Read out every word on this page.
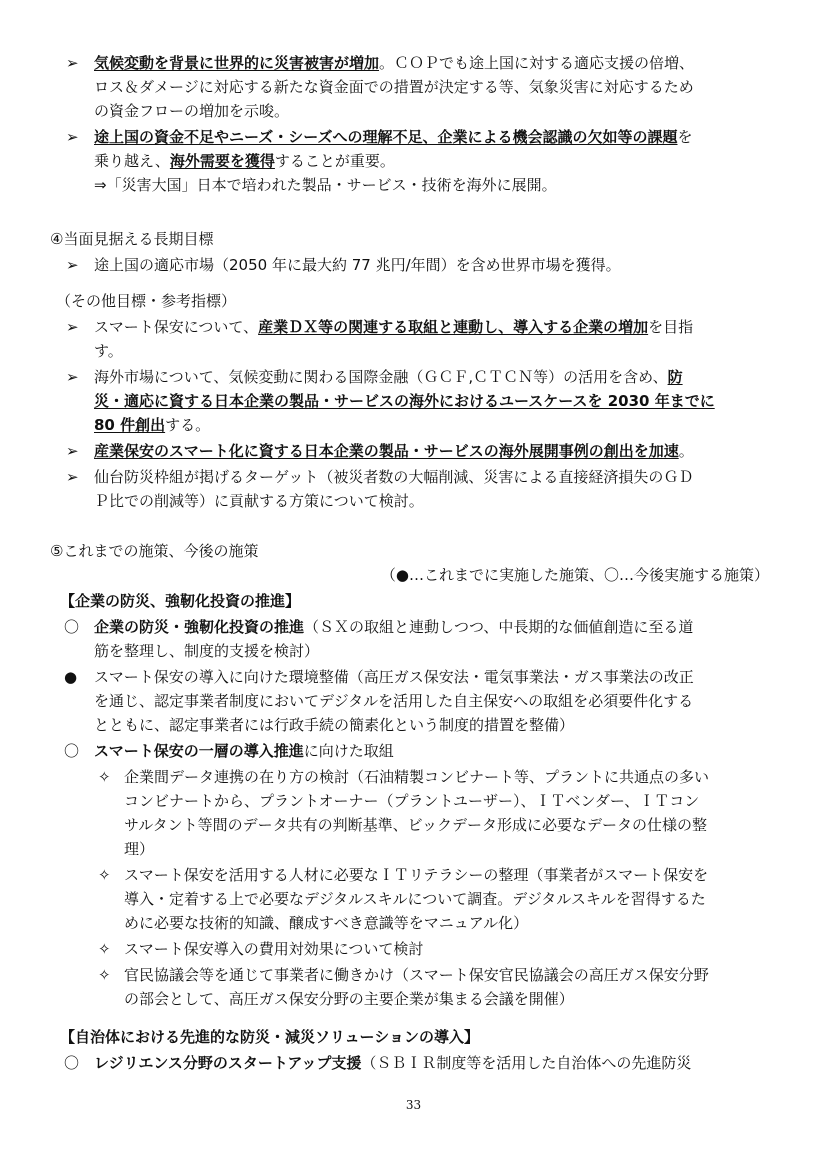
➢ 気候変動を背景に世界的に災害被害が増加。ＣＯＰでも途上国に対する適応支援の倍増、
ロス＆ダメージに対応する新たな資金面での措置が決定する等、気象災害に対応するため
の資金フローの増加を示唆。
➢ 途上国の資金不足やニーズ・シーズへの理解不足、企業による機会認識の欠如等の課題を
乗り越え、海外需要を獲得することが重要。
⇒「災害大国」日本で培われた製品・サービス・技術を海外に展開。
④当面見据える長期目標
➢ 途上国の適応市場（2050 年に最大約 77 兆円/年間）を含め世界市場を獲得。
（その他目標・参考指標）
➢ スマート保安について、産業ＤＸ等の関連する取組と連動し、導入する企業の増加を目指
す。
➢ 海外市場について、気候変動に関わる国際金融（ＧＣＦ,ＣＴＣＮ等）の活用を含め、防
災・適応に資する日本企業の製品・サービスの海外におけるユースケースを 2030 年までに
80 件創出する。
➢ 産業保安のスマート化に資する日本企業の製品・サービスの海外展開事例の創出を加速。
➢ 仙台防災枠組が掲げるターゲット（被災者数の大幅削減、災害による直接経済損失のＧＤ
Ｐ比での削減等）に貢献する方策について検討。
⑤これまでの施策、今後の施策
（●…これまでに実施した施策、〇…今後実施する施策）
【企業の防災、強靭化投資の推進】
〇 企業の防災・強靭化投資の推進（ＳＸの取組と連動しつつ、中長期的な価値創造に至る道
筋を整理し、制度的支援を検討）
● スマート保安の導入に向けた環境整備（高圧ガス保安法・電気事業法・ガス事業法の改正
を通じ、認定事業者制度においてデジタルを活用した自主保安への取組を必須要件化する
とともに、認定事業者には行政手続の簡素化という制度的措置を整備）
〇 スマート保安の一層の導入推進に向けた取組
✧ 企業間データ連携の在り方の検討（石油精製コンビナート等、プラントに共通点の多い
コンビナートから、プラントオーナー（プラントユーザー）、ＩＴベンダー、ＩＴコン
サルタント等間のデータ共有の判断基準、ビックデータ形成に必要なデータの仕様の整
理）
✧ スマート保安を活用する人材に必要なＩＴリテラシーの整理（事業者がスマート保安を
導入・定着する上で必要なデジタルスキルについて調査。デジタルスキルを習得するた
めに必要な技術的知識、醸成すべき意識等をマニュアル化）
✧ スマート保安導入の費用対効果について検討
✧ 官民協議会等を通じて事業者に働きかけ（スマート保安官民協議会の高圧ガス保安分野
の部会として、高圧ガス保安分野の主要企業が集まる会議を開催）
【自治体における先進的な防災・減災ソリューションの導入】
〇 レジリエンス分野のスタートアップ支援（ＳＢＩＲ制度等を活用した自治体への先進防災
33
